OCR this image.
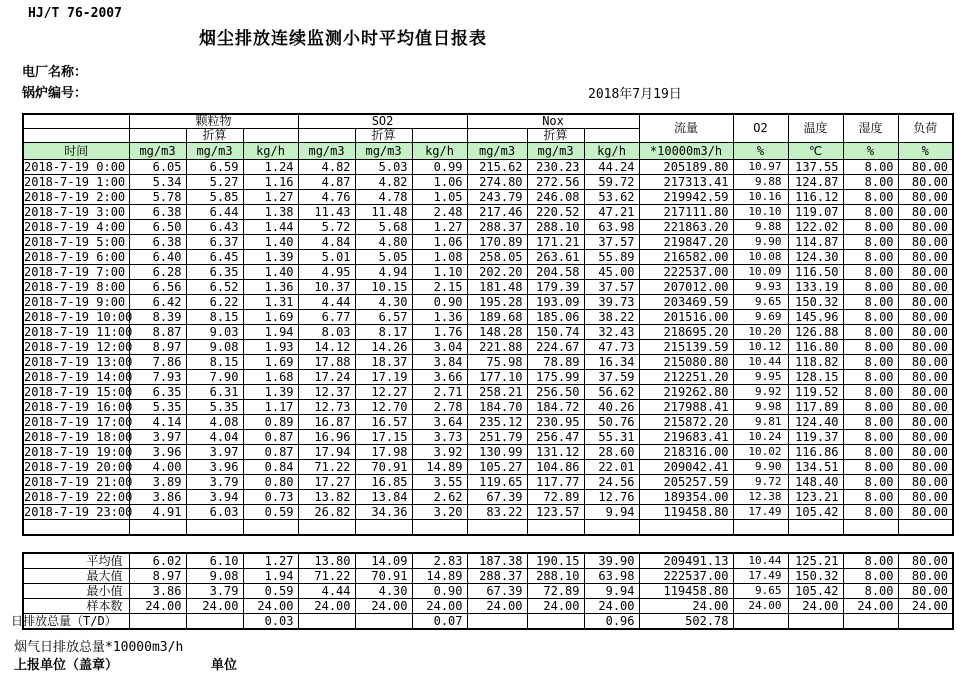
HJ/T 76-2007
烟尘排放连续监测小时平均值日报表
电厂名称：
锅炉编号：	2018年7月19日
	颗粒物			SO2			Nox			流量	O2	温度	湿度	负荷
		折算			折算			折算						
时间	mg/m3	mg/m3	kg/h	mg/m3	mg/m3	kg/h	mg/m3	mg/m3	kg/h	*10000m3/h	%	℃	%	%
2018-7-19 0:00	6.05	6.59	1.24	4.82	5.03	0.99	215.62	230.23	44.24	205189.80	10.97	137.55	8.00	80.00
2018-7-19 1:00	5.34	5.27	1.16	4.87	4.82	1.06	274.80	272.56	59.72	217313.41	9.88	124.87	8.00	80.00
2018-7-19 2:00	5.78	5.85	1.27	4.76	4.78	1.05	243.79	246.08	53.62	219942.59	10.16	116.12	8.00	80.00
2018-7-19 3:00	6.38	6.44	1.38	11.43	11.48	2.48	217.46	220.52	47.21	217111.80	10.10	119.07	8.00	80.00
2018-7-19 4:00	6.50	6.43	1.44	5.72	5.68	1.27	288.37	288.10	63.98	221863.20	9.88	122.02	8.00	80.00
2018-7-19 5:00	6.38	6.37	1.40	4.84	4.80	1.06	170.89	171.21	37.57	219847.20	9.90	114.87	8.00	80.00
2018-7-19 6:00	6.40	6.45	1.39	5.01	5.05	1.08	258.05	263.61	55.89	216582.00	10.08	124.30	8.00	80.00
2018-7-19 7:00	6.28	6.35	1.40	4.95	4.94	1.10	202.20	204.58	45.00	222537.00	10.09	116.50	8.00	80.00
2018-7-19 8:00	6.56	6.52	1.36	10.37	10.15	2.15	181.48	179.39	37.57	207012.00	9.93	133.19	8.00	80.00
2018-7-19 9:00	6.42	6.22	1.31	4.44	4.30	0.90	195.28	193.09	39.73	203469.59	9.65	150.32	8.00	80.00
2018-7-19 10:00	8.39	8.15	1.69	6.77	6.57	1.36	189.68	185.06	38.22	201516.00	9.69	145.96	8.00	80.00
2018-7-19 11:00	8.87	9.03	1.94	8.03	8.17	1.76	148.28	150.74	32.43	218695.20	10.20	126.88	8.00	80.00
2018-7-19 12:00	8.97	9.08	1.93	14.12	14.26	3.04	221.88	224.67	47.73	215139.59	10.12	116.80	8.00	80.00
2018-7-19 13:00	7.86	8.15	1.69	17.88	18.37	3.84	75.98	78.89	16.34	215080.80	10.44	118.82	8.00	80.00
2018-7-19 14:00	7.93	7.90	1.68	17.24	17.19	3.66	177.10	175.99	37.59	212251.20	9.95	128.15	8.00	80.00
2018-7-19 15:00	6.35	6.31	1.39	12.37	12.27	2.71	258.21	256.50	56.62	219262.80	9.92	119.52	8.00	80.00
2018-7-19 16:00	5.35	5.35	1.17	12.73	12.70	2.78	184.70	184.72	40.26	217988.41	9.98	117.89	8.00	80.00
2018-7-19 17:00	4.14	4.08	0.89	16.87	16.57	3.64	235.12	230.95	50.76	215872.20	9.81	124.40	8.00	80.00
2018-7-19 18:00	3.97	4.04	0.87	16.96	17.15	3.73	251.79	256.47	55.31	219683.41	10.24	119.37	8.00	80.00
2018-7-19 19:00	3.96	3.97	0.87	17.94	17.98	3.92	130.99	131.12	28.60	218316.00	10.02	116.86	8.00	80.00
2018-7-19 20:00	4.00	3.96	0.84	71.22	70.91	14.89	105.27	104.86	22.01	209042.41	9.90	134.51	8.00	80.00
2018-7-19 21:00	3.89	3.79	0.80	17.27	16.85	3.55	119.65	117.77	24.56	205257.59	9.72	148.40	8.00	80.00
2018-7-19 22:00	3.86	3.94	0.73	13.82	13.84	2.62	67.39	72.89	12.76	189354.00	12.38	123.21	8.00	80.00
2018-7-19 23:00	4.91	6.03	0.59	26.82	34.36	3.20	83.22	123.57	9.94	119458.80	17.49	105.42	8.00	80.00

平均值	6.02	6.10	1.27	13.80	14.09	2.83	187.38	190.15	39.90	209491.13	10.44	125.21	8.00	80.00
最大值	8.97	9.08	1.94	71.22	70.91	14.89	288.37	288.10	63.98	222537.00	17.49	150.32	8.00	80.00
最小值	3.86	3.79	0.59	4.44	4.30	0.90	67.39	72.89	9.94	119458.80	9.65	105.42	8.00	80.00
样本数	24.00	24.00	24.00	24.00	24.00	24.00	24.00	24.00	24.00	24.00	24.00	24.00	24.00	24.00
日排放总量（T/D）			0.03			0.07			0.96	502.78				
烟气日排放总量*10000m3/h
上报单位（盖章）	单位
